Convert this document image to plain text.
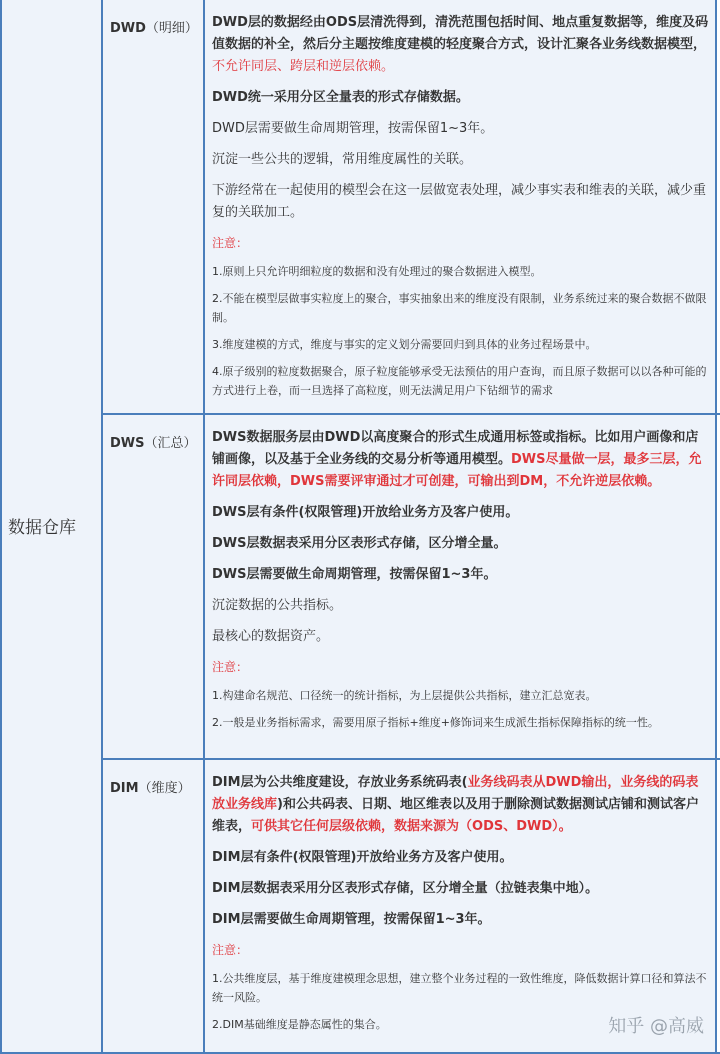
数据仓库
DWD（明细） DWD层的数据经由ODS层清洗得到，清洗范围包括时间、地点重复数据等，维度及码值数据的补全，然后分主题按维度建模的轻度聚合方式，设计汇聚各业务线数据模型，不允许同层、跨层和逆层依赖。
DWD统一采用分区全量表的形式存储数据。
DWD层需要做生命周期管理，按需保留1~3年。
沉淀一些公共的逻辑，常用维度属性的关联。
下游经常在一起使用的模型会在这一层做宽表处理，减少事实表和维表的关联，减少重复的关联加工。
注意：
1.原则上只允许明细粒度的数据和没有处理过的聚合数据进入模型。
2.不能在模型层做事实粒度上的聚合，事实抽象出来的维度没有限制，业务系统过来的聚合数据不做限制。
3.维度建模的方式，维度与事实的定义划分需要回归到具体的业务过程场景中。
4.原子级别的粒度数据聚合，原子粒度能够承受无法预估的用户查询，而且原子数据可以以各种可能的方式进行上卷，而一旦选择了高粒度，则无法满足用户下钻细节的需求
DWS（汇总） DWS数据服务层由DWD以高度聚合的形式生成通用标签或指标。比如用户画像和店铺画像，以及基于全业务线的交易分析等通用模型。DWS尽量做一层，最多三层，允许同层依赖，DWS需要评审通过才可创建，可输出到DM，不允许逆层依赖。
DWS层有条件(权限管理)开放给业务方及客户使用。
DWS层数据表采用分区表形式存储，区分增全量。
DWS层需要做生命周期管理，按需保留1~3年。
沉淀数据的公共指标。
最核心的数据资产。
注意：
1.构建命名规范、口径统一的统计指标，为上层提供公共指标，建立汇总宽表。
2.一般是业务指标需求，需要用原子指标+维度+修饰词来生成派生指标保障指标的统一性。
DIM（维度） DIM层为公共维度建设，存放业务系统码表(业务线码表从DWD输出，业务线的码表放业务线库)和公共码表、日期、地区维表以及用于删除测试数据测试店铺和测试客户维表，可供其它任何层级依赖，数据来源为（ODS、DWD）。
DIM层有条件(权限管理)开放给业务方及客户使用。
DIM层数据表采用分区表形式存储，区分增全量（拉链表集中地）。
DIM层需要做生命周期管理，按需保留1~3年。
注意：
1.公共维度层，基于维度建模理念思想，建立整个业务过程的一致性维度，降低数据计算口径和算法不统一风险。
2.DIM基础维度是静态属性的集合。	知乎 @高威
